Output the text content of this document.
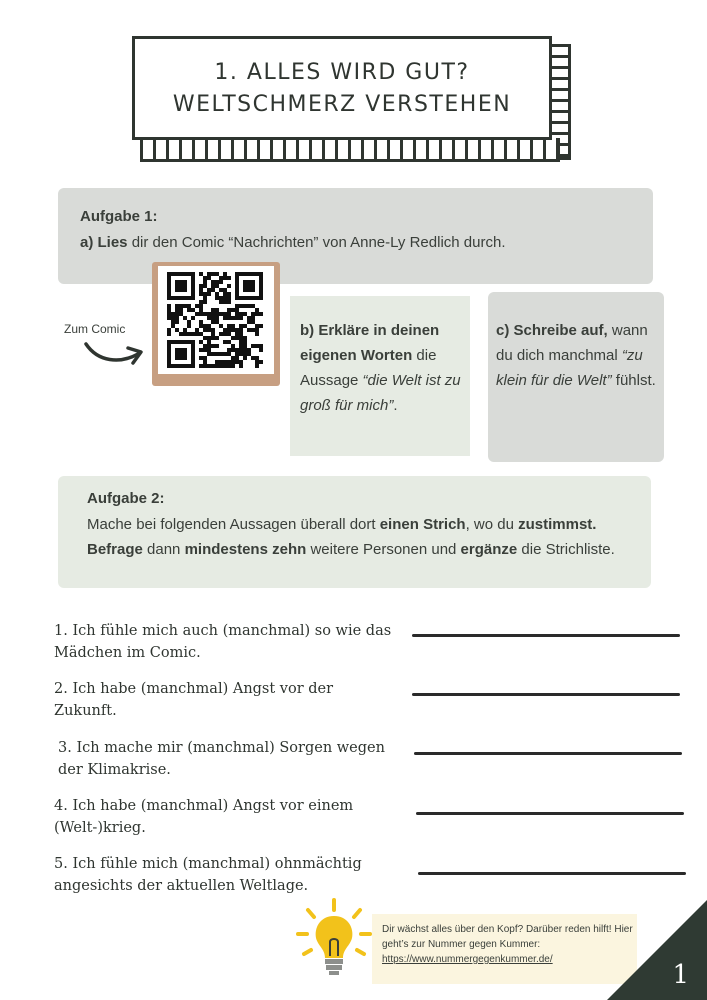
1. ALLES WIRD GUT?
WELTSCHMERZ VERSTEHEN
Aufgabe 1:
a) Lies dir den Comic “Nachrichten” von Anne-Ly Redlich durch.
Zum Comic	b) Erkläre in deinen eigenen Worten die Aussage “die Welt ist zu groß für mich”.
c) Schreibe auf, wann du dich manchmal “zu klein für die Welt” fühlst.
Aufgabe 2:
Mache bei folgenden Aussagen überall dort einen Strich, wo du zustimmst. Befrage dann mindestens zehn weitere Personen und ergänze die Strichliste.
1. Ich fühle mich auch (manchmal) so wie das
Mädchen im Comic.
2. Ich habe (manchmal) Angst vor der
Zukunft.
3. Ich mache mir (manchmal) Sorgen wegen
der Klimakrise.
4. Ich habe (manchmal) Angst vor einem
(Welt-)krieg.
5. Ich fühle mich (manchmal) ohnmächtig
angesichts der aktuellen Weltlage.
Dir wächst alles über den Kopf? Darüber reden hilft! Hier geht’s zur Nummer gegen Kummer:
https://www.nummergegenkummer.de/
1
